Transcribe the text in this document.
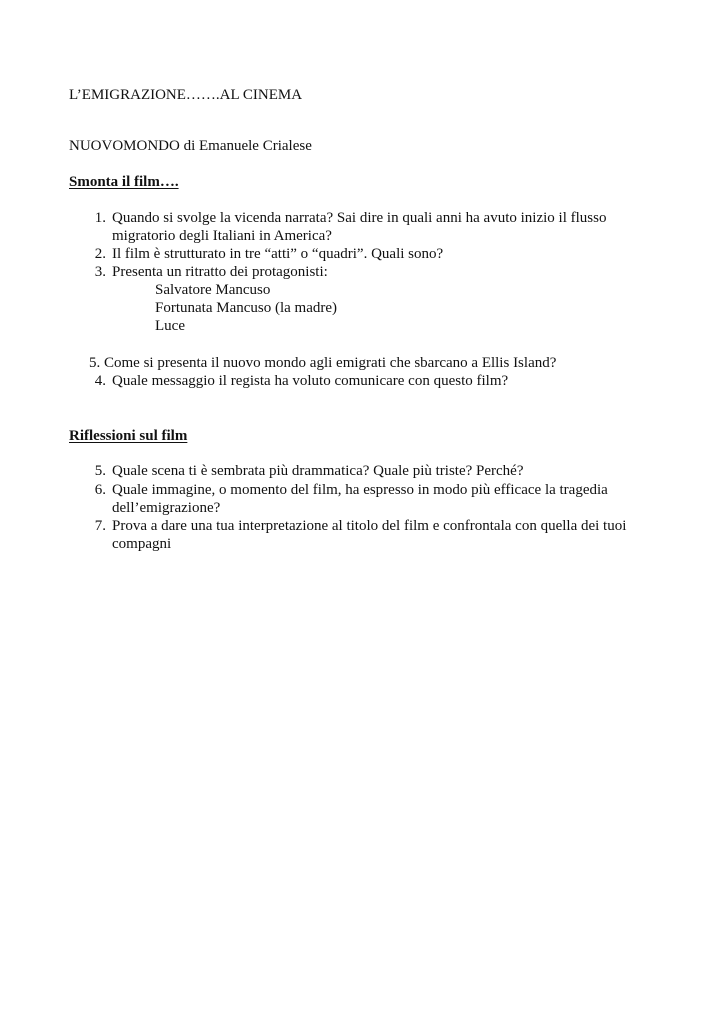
L’EMIGRAZIONE…….AL CINEMA
NUOVOMONDO di Emanuele Crialese
Smonta il film….
1. Quando si svolge la vicenda narrata? Sai dire in quali anni ha avuto inizio il flusso migratorio degli Italiani in America?
2. Il film è strutturato in tre “atti” o “quadri”. Quali sono?
3. Presenta un ritratto dei protagonisti:
Salvatore Mancuso
Fortunata Mancuso (la madre)
Luce
5. Come si presenta il nuovo mondo agli emigrati che sbarcano a Ellis Island?
4. Quale messaggio il regista ha voluto comunicare con questo film?
Riflessioni sul film
5. Quale scena ti è sembrata più drammatica? Quale più triste? Perché?
6. Quale immagine, o momento del film, ha espresso in modo più efficace la tragedia dell’emigrazione?
7. Prova a dare una tua interpretazione al titolo del film e confrontala con quella dei tuoi compagni
